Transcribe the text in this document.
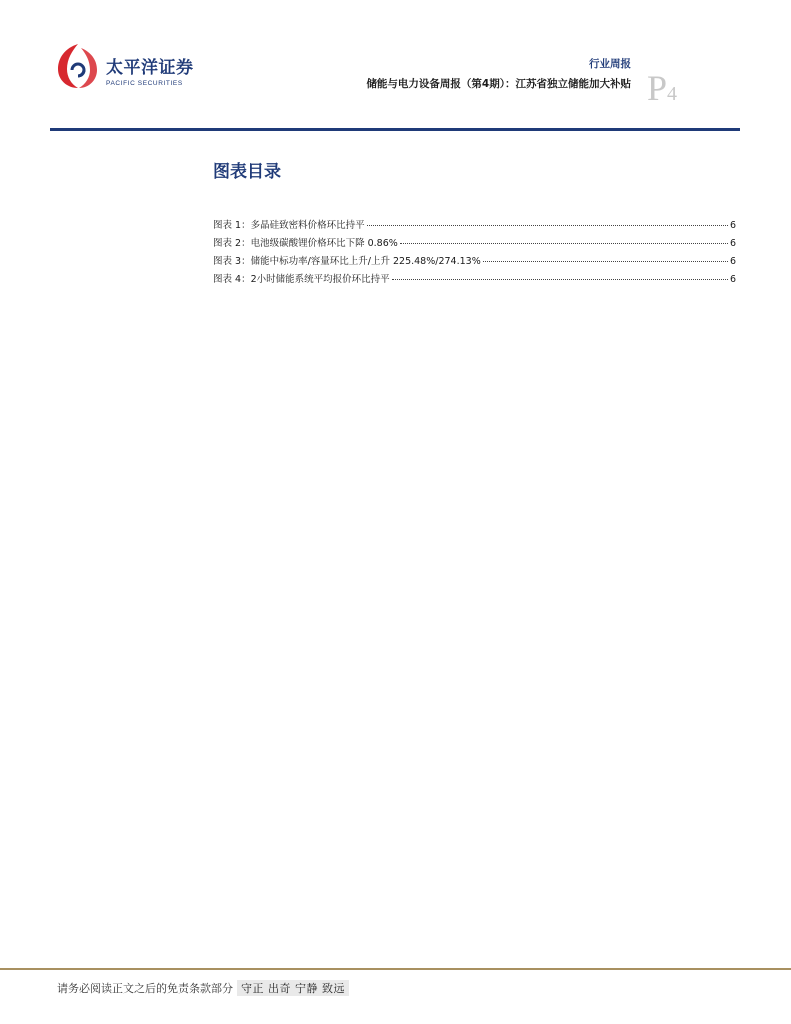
太平洋证券
PACIFIC SECURITIES
行业周报
储能与电力设备周报（第4期）：江苏省独立储能加大补贴 P4
图表目录
图表 1：多晶硅致密料价格环比持平	6
图表 2：电池级碳酸锂价格环比下降 0.86%	6
图表 3：储能中标功率/容量环比上升/上升 225.48%/274.13%	6
图表 4：2小时储能系统平均报价环比持平	6
请务必阅读正文之后的免责条款部分 守正 出奇 宁静 致远
